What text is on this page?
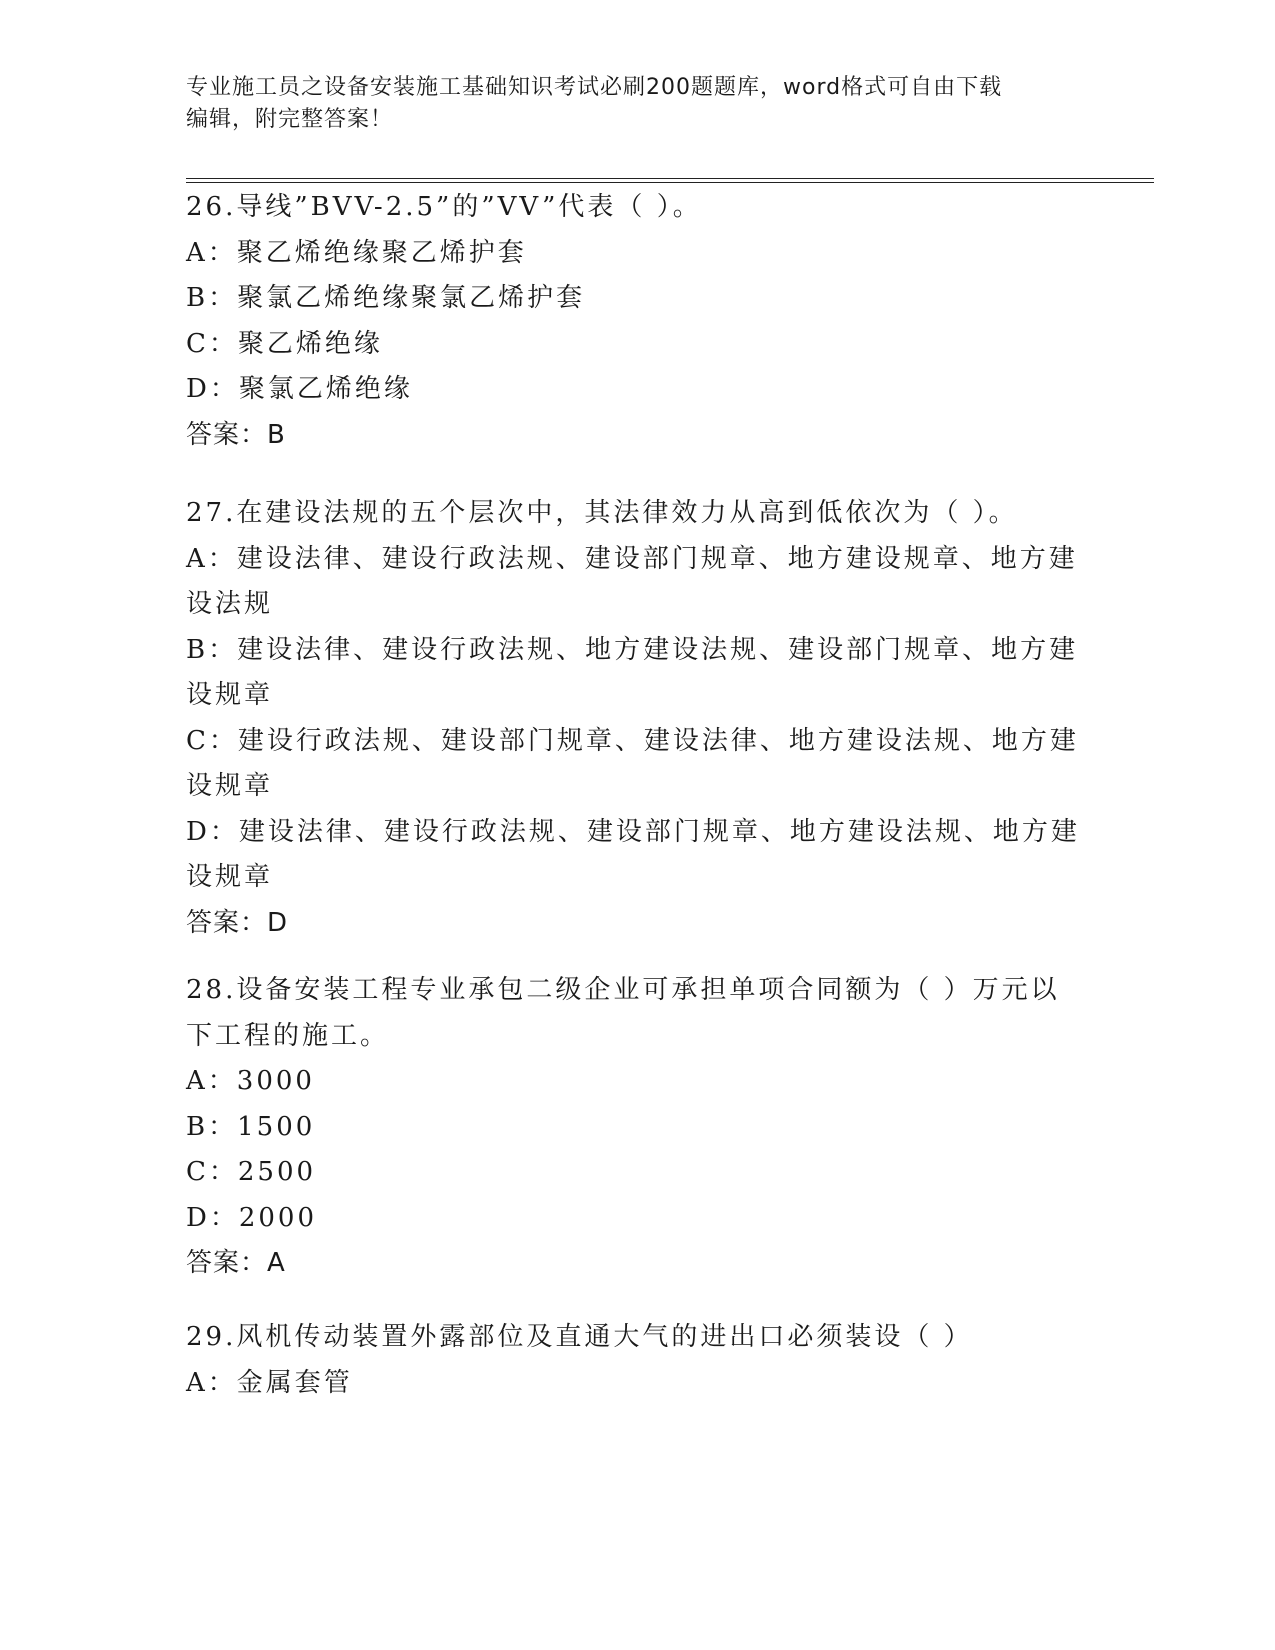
专业施工员之设备安装施工基础知识考试必刷200题题库，word格式可自由下载
编辑，附完整答案！
26.导线”BVV-2.5”的”VV”代表（ ）。
A：聚乙烯绝缘聚乙烯护套
B：聚氯乙烯绝缘聚氯乙烯护套
C：聚乙烯绝缘
D：聚氯乙烯绝缘
答案：B
27.在建设法规的五个层次中，其法律效力从高到低依次为（ ）。
A：建设法律、建设行政法规、建设部门规章、地方建设规章、地方建
设法规
B：建设法律、建设行政法规、地方建设法规、建设部门规章、地方建
设规章
C：建设行政法规、建设部门规章、建设法律、地方建设法规、地方建
设规章
D：建设法律、建设行政法规、建设部门规章、地方建设法规、地方建
设规章
答案：D
28.设备安装工程专业承包二级企业可承担单项合同额为（ ）万元以
下工程的施工。
A：3000
B：1500
C：2500
D：2000
答案：A
29.风机传动装置外露部位及直通大气的进出口必须装设（ ）
A：金属套管
